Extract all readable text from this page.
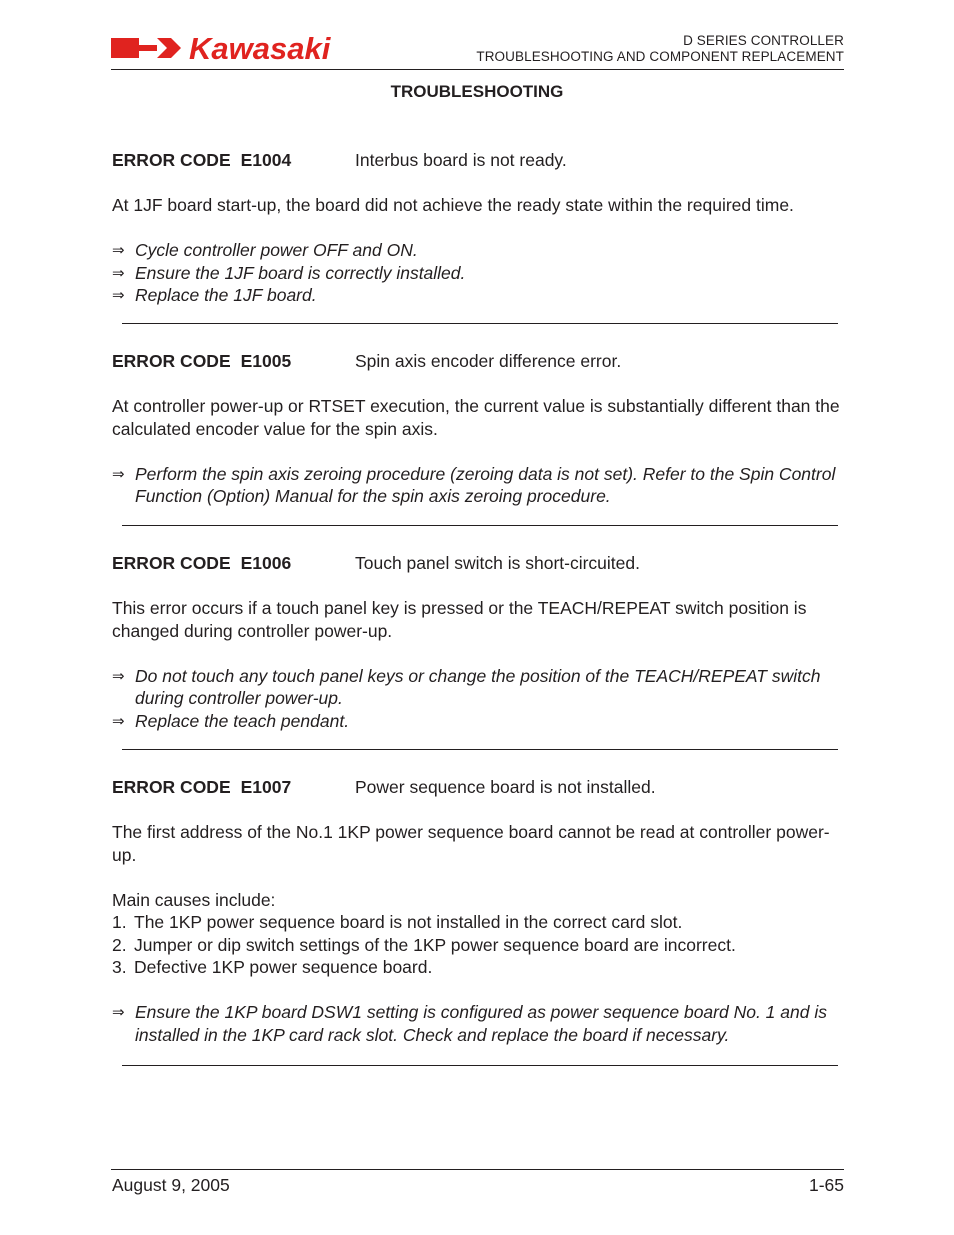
Kawasaki	D SERIES CONTROLLER
TROUBLESHOOTING AND COMPONENT REPLACEMENT
TROUBLESHOOTING
ERROR CODE E1004	Interbus board is not ready.

At 1JF board start-up, the board did not achieve the ready state within the required time.

⇒ Cycle controller power OFF and ON.
⇒ Ensure the 1JF board is correctly installed.
⇒ Replace the 1JF board.
ERROR CODE E1005	Spin axis encoder difference error.

At controller power-up or RTSET execution, the current value is substantially different than the calculated encoder value for the spin axis.

⇒ Perform the spin axis zeroing procedure (zeroing data is not set). Refer to the Spin Control Function (Option) Manual for the spin axis zeroing procedure.
ERROR CODE E1006	Touch panel switch is short-circuited.

This error occurs if a touch panel key is pressed or the TEACH/REPEAT switch position is changed during controller power-up.

⇒ Do not touch any touch panel keys or change the position of the TEACH/REPEAT switch during controller power-up.
⇒ Replace the teach pendant.
ERROR CODE E1007	Power sequence board is not installed.

The first address of the No.1 1KP power sequence board cannot be read at controller power-up.

Main causes include:
1. The 1KP power sequence board is not installed in the correct card slot.
2. Jumper or dip switch settings of the 1KP power sequence board are incorrect.
3. Defective 1KP power sequence board.
⇒ Ensure the 1KP board DSW1 setting is configured as power sequence board No. 1 and is installed in the 1KP card rack slot. Check and replace the board if necessary.
August 9, 2005	1-65
